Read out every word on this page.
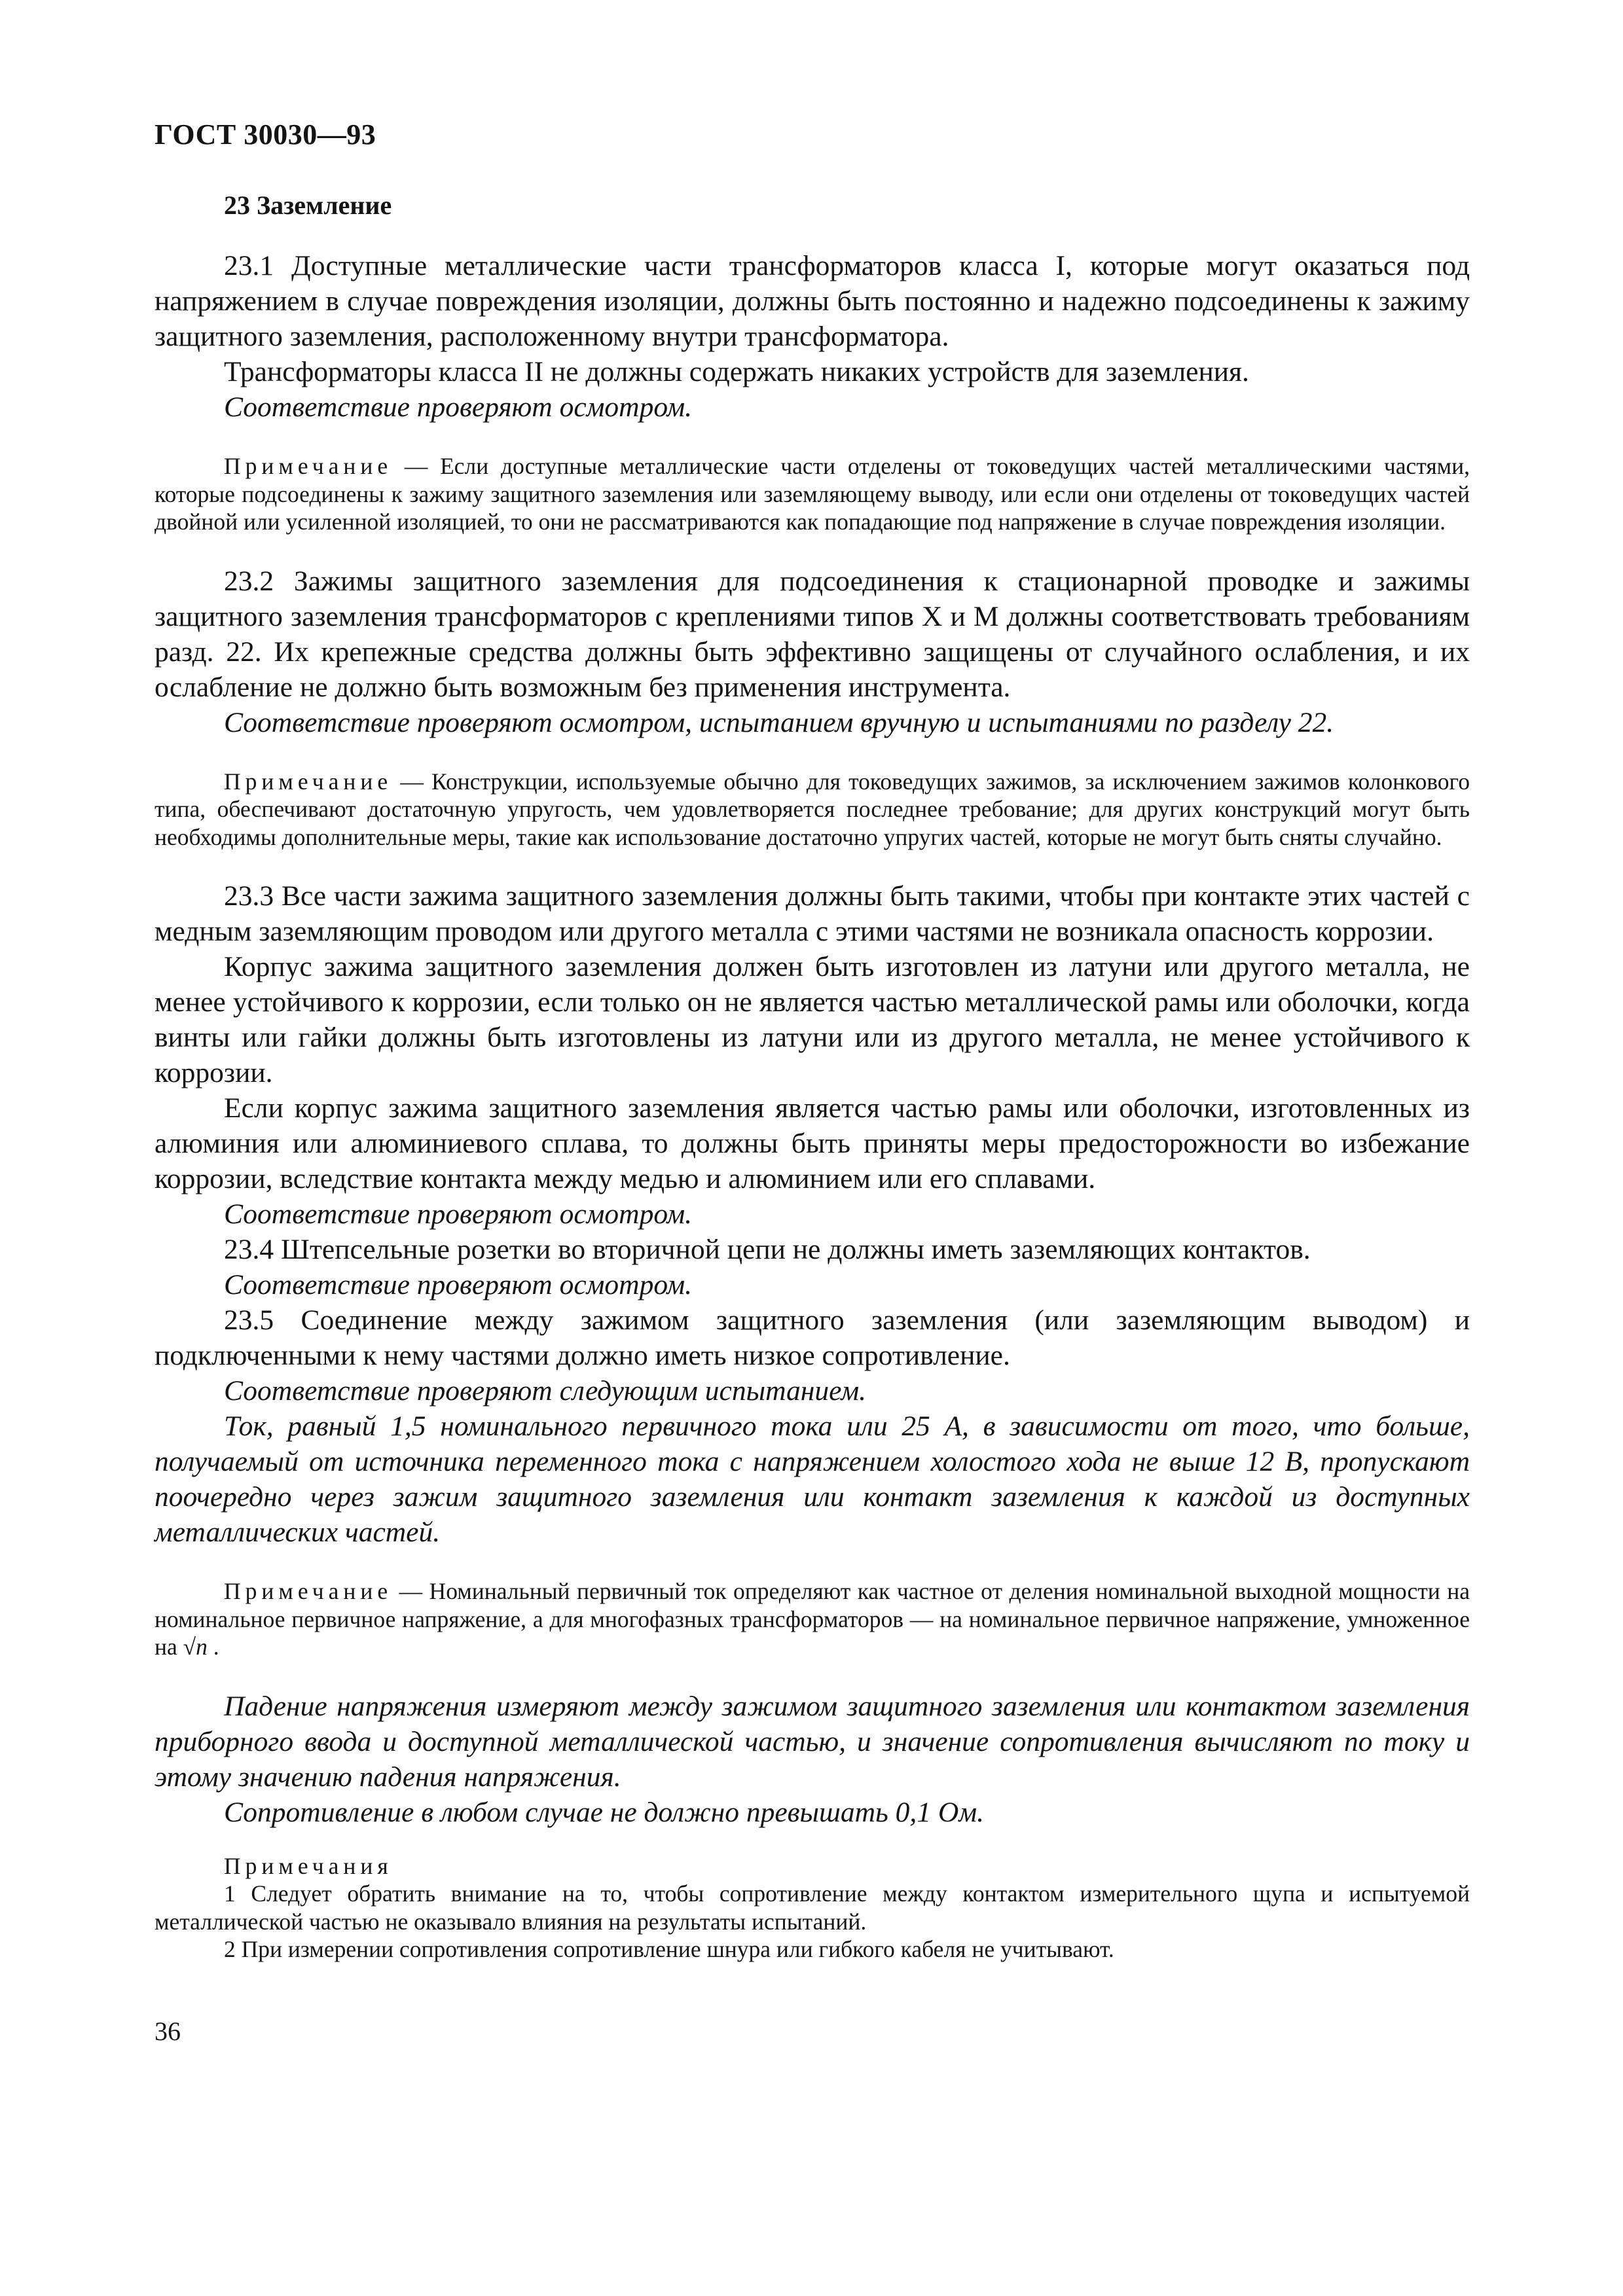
ГОСТ 30030—93
23 Заземление

23.1 Доступные металлические части трансформаторов класса I, которые могут оказаться под напряжением в случае повреждения изоляции, должны быть постоянно и надежно подсоединены к зажиму защитного заземления, расположенному внутри трансформатора.

Трансформаторы класса II не должны содержать никаких устройств для заземления.

Соответствие проверяют осмотром.

Примечание — Если доступные металлические части отделены от токоведущих частей металлическими частями, которые подсоединены к зажиму защитного заземления или заземляющему выводу, или если они отделены от токоведущих частей двойной или усиленной изоляцией, то они не рассматриваются как попадающие под напряжение в случае повреждения изоляции.

23.2 Зажимы защитного заземления для подсоединения к стационарной проводке и зажимы защитного заземления трансформаторов с креплениями типов X и M должны соответствовать требованиям разд. 22. Их крепежные средства должны быть эффективно защищены от случайного ослабления, и их ослабление не должно быть возможным без применения инструмента.

Соответствие проверяют осмотром, испытанием вручную и испытаниями по разделу 22.

Примечание — Конструкции, используемые обычно для токоведущих зажимов, за исключением зажимов колонкового типа, обеспечивают достаточную упругость, чем удовлетворяется последнее требование; для других конструкций могут быть необходимы дополнительные меры, такие как использование достаточно упругих частей, которые не могут быть сняты случайно.

23.3 Все части зажима защитного заземления должны быть такими, чтобы при контакте этих частей с медным заземляющим проводом или другого металла с этими частями не возникала опасность коррозии.

Корпус зажима защитного заземления должен быть изготовлен из латуни или другого металла, не менее устойчивого к коррозии, если только он не является частью металлической рамы или оболочки, когда винты или гайки должны быть изготовлены из латуни или из другого металла, не менее устойчивого к коррозии.

Если корпус зажима защитного заземления является частью рамы или оболочки, изготовленных из алюминия или алюминиевого сплава, то должны быть приняты меры предосторожности во избежание коррозии, вследствие контакта между медью и алюминием или его сплавами.

Соответствие проверяют осмотром.

23.4 Штепсельные розетки во вторичной цепи не должны иметь заземляющих контактов.

Соответствие проверяют осмотром.

23.5 Соединение между зажимом защитного заземления (или заземляющим выводом) и подключенными к нему частями должно иметь низкое сопротивление.

Соответствие проверяют следующим испытанием.

Ток, равный 1,5 номинального первичного тока или 25 А, в зависимости от того, что больше, получаемый от источника переменного тока с напряжением холостого хода не выше 12 В, пропускают поочередно через зажим защитного заземления или контакт заземления к каждой из доступных металлических частей.

Примечание — Номинальный первичный ток определяют как частное от деления номинальной выходной мощности на номинальное первичное напряжение, а для многофазных трансформаторов — на номинальное первичное напряжение, умноженное на √n .

Падение напряжения измеряют между зажимом защитного заземления или контактом заземления приборного ввода и доступной металлической частью, и значение сопротивления вычисляют по току и этому значению падения напряжения.

Сопротивление в любом случае не должно превышать 0,1 Ом.

Примечания

1 Следует обратить внимание на то, чтобы сопротивление между контактом измерительного щупа и испытуемой металлической частью не оказывало влияния на результаты испытаний.

2 При измерении сопротивления сопротивление шнура или гибкого кабеля не учитывают.

36
